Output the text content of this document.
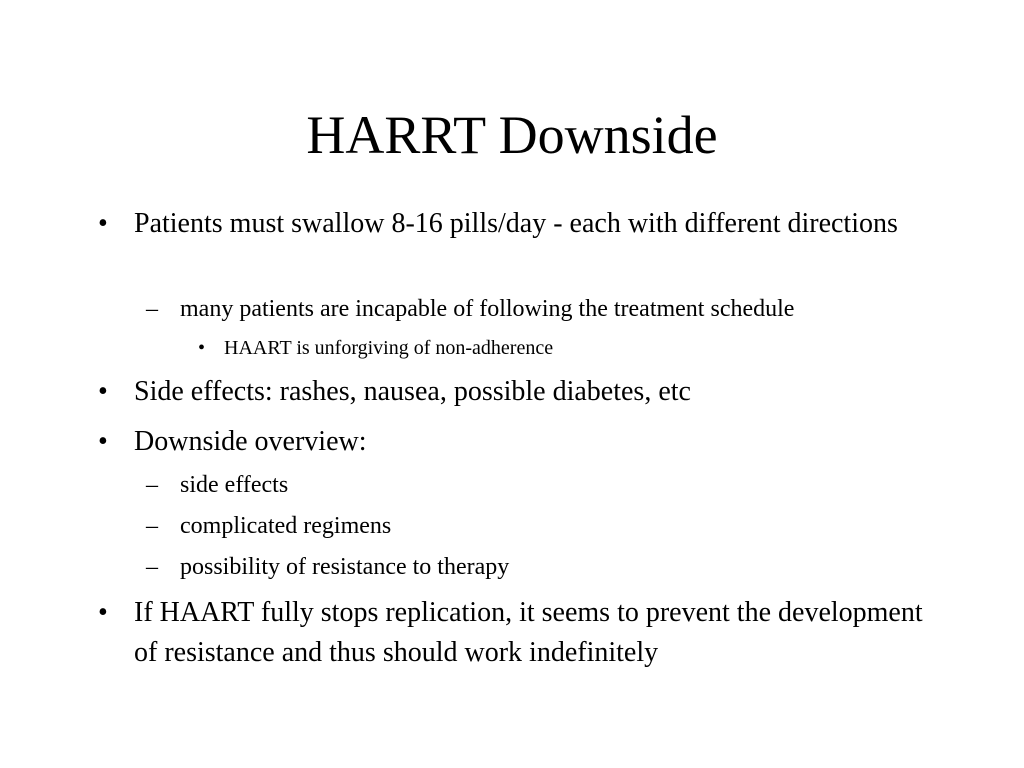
HARRT Downside
• Patients must swallow 8-16 pills/day - each with different directions
– many patients are incapable of following the treatment schedule
• HAART is unforgiving of non-adherence
• Side effects: rashes, nausea, possible diabetes, etc
• Downside overview:
– side effects
– complicated regimens
– possibility of resistance to therapy
• If HAART fully stops replication, it seems to prevent the development of resistance and thus should work indefinitely
